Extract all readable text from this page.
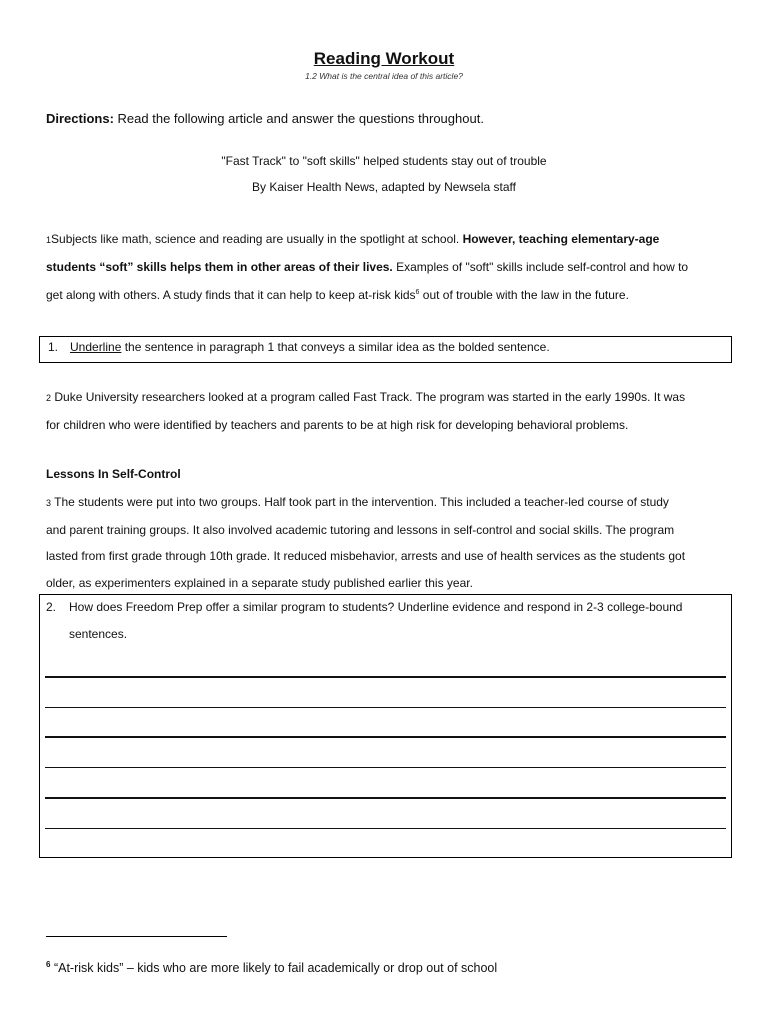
Reading Workout
1.2 What is the central idea of this article?
Directions: Read the following article and answer the questions throughout.
"Fast Track" to "soft skills" helped students stay out of trouble
By Kaiser Health News, adapted by Newsela staff
1Subjects like math, science and reading are usually in the spotlight at school. However, teaching elementary-age
students “soft” skills helps them in other areas of their lives. Examples of "soft" skills include self-control and how to
get along with others. A study finds that it can help to keep at-risk kids$^6$ out of trouble with the law in the future.
1. Underline the sentence in paragraph 1 that conveys a similar idea as the bolded sentence.
2 Duke University researchers looked at a program called Fast Track. The program was started in the early 1990s. It was
for children who were identified by teachers and parents to be at high risk for developing behavioral problems.
Lessons In Self-Control
3 The students were put into two groups. Half took part in the intervention. This included a teacher-led course of study
and parent training groups. It also involved academic tutoring and lessons in self-control and social skills. The program
lasted from first grade through 10th grade. It reduced misbehavior, arrests and use of health services as the students got
older, as experimenters explained in a separate study published earlier this year.
2. How does Freedom Prep offer a similar program to students? Underline evidence and respond in 2-3 college-bound
sentences.
$^6$ “At-risk kids” – kids who are more likely to fail academically or drop out of school
